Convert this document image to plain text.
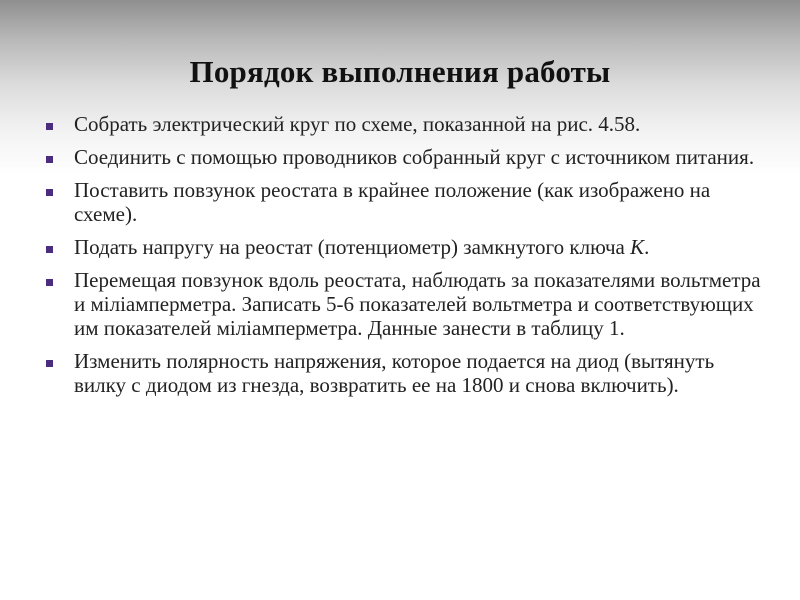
Порядок выполнения работы
Собрать электрический круг по схеме, показанной на рис. 4.58.
Соединить с помощью проводников собранный круг с источником питания.
Поставить повзунок реостата в крайнее положение (как изображено на схеме).
Подать напругу на реостат (потенциометр) замкнутого ключа K.
Перемещая повзунок вдоль реостата, наблюдать за показателями вольтметра и міліамперметра. Записать 5-6 показателей вольтметра и соответствующих им показателей міліамперметра. Данные занести в таблицу 1.
Изменить полярность напряжения, которое подается на диод (вытянуть вилку с диодом из гнезда, возвратить ее на 1800 и снова включить).
